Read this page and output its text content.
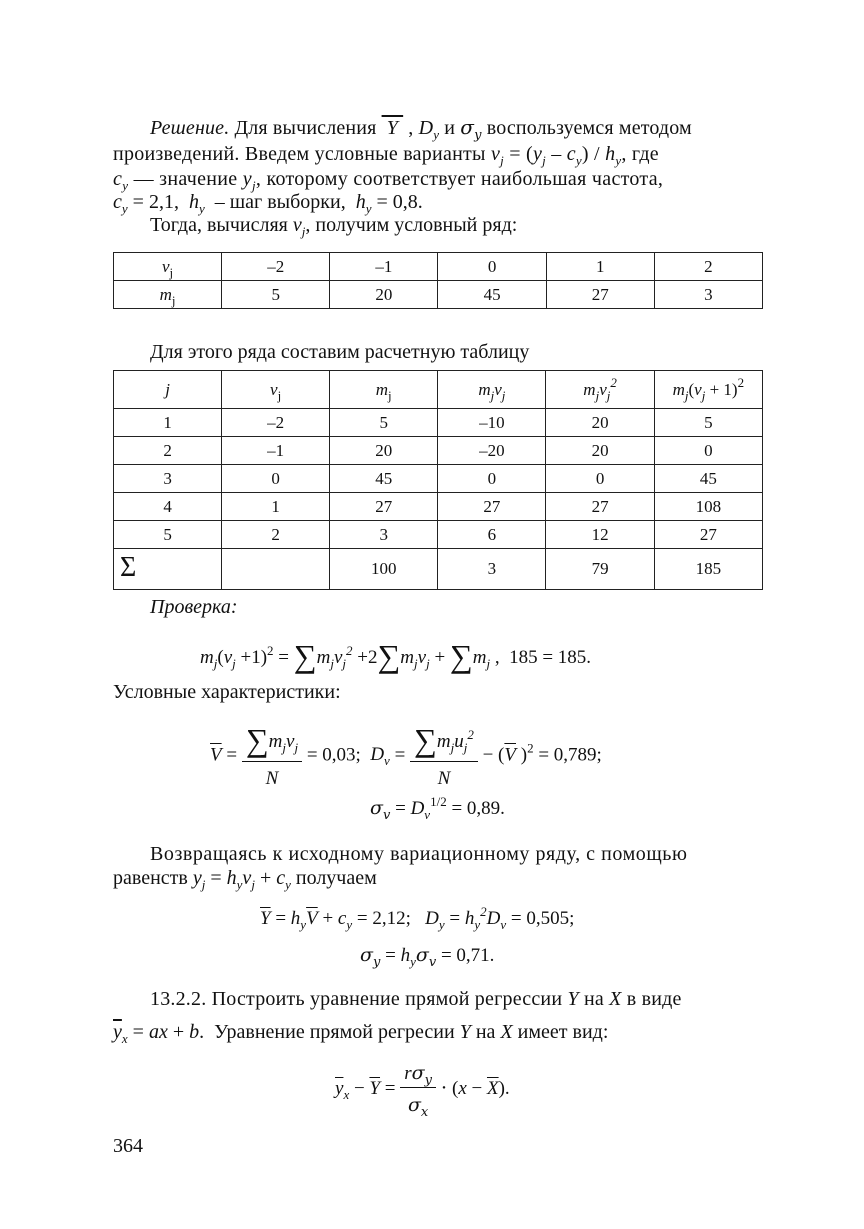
Решение. Для вычисления  Y  , $D_y$ и $\sigma_y$ воспользуемся методом
произведений. Введем условные варианты $v_j = (y_j - c_y) / h_y$, где
$c_y$ — значение $y_j$, которому соответствует наибольшая частота,
$c_y = 2,1$,  $h_y$  – шаг выборки,  $h_y = 0,8$.
Тогда, вычисляя $v_j$, получим условный ряд:
$v_j$	–2	–1	0	1	2
$m_j$	5	20	45	27	3
Для этого ряда составим расчетную таблицу
j	$v_j$	$m_j$	$m_jv_j$	$m_jv_j^2$	$m_j(v_j + 1)^2$
1	–2	5	–10	20	5
2	–1	20	–20	20	0
3	0	45	0	0	45
4	1	27	27	27	108
5	2	3	6	12	27
Σ		100	3	79	185
Проверка:
$m_j(v_j +1)^2 = \sum m_jv_j^2 +2\sum m_jv_j + \sum m_j$ ,  185 = 185.
Условные характеристики:
$\overline{V} = \frac{\sum m_jv_j}{N} = 0,03$;  $D_v = \frac{\sum m_ju_j^2}{N} - (\overline{V}$ )$^2$ = 0,789;
$\sigma_v = D_v^{1/2} = 0,89$.
Возвращаясь к исходному вариационному ряду, с помощью
равенств $y_j = h_yv_j + c_y$ получаем
$\overline{Y} = h_y\overline{V} + c_y = 2,12$;   $D_y = h_y^2D_v = 0,505$;
$\sigma_y = h_y\sigma_v = 0,71$.
13.2.2. Построить уравнение прямой регрессии Y на X в виде
$\overline{y}_x$ = ax + b.  Уравнение прямой регресии Y на X имеет вид:
$\overline{y}_x - \overline{Y} = \frac{r\sigma_y}{\sigma_x} \cdot (x - \overline{X})$.
364
